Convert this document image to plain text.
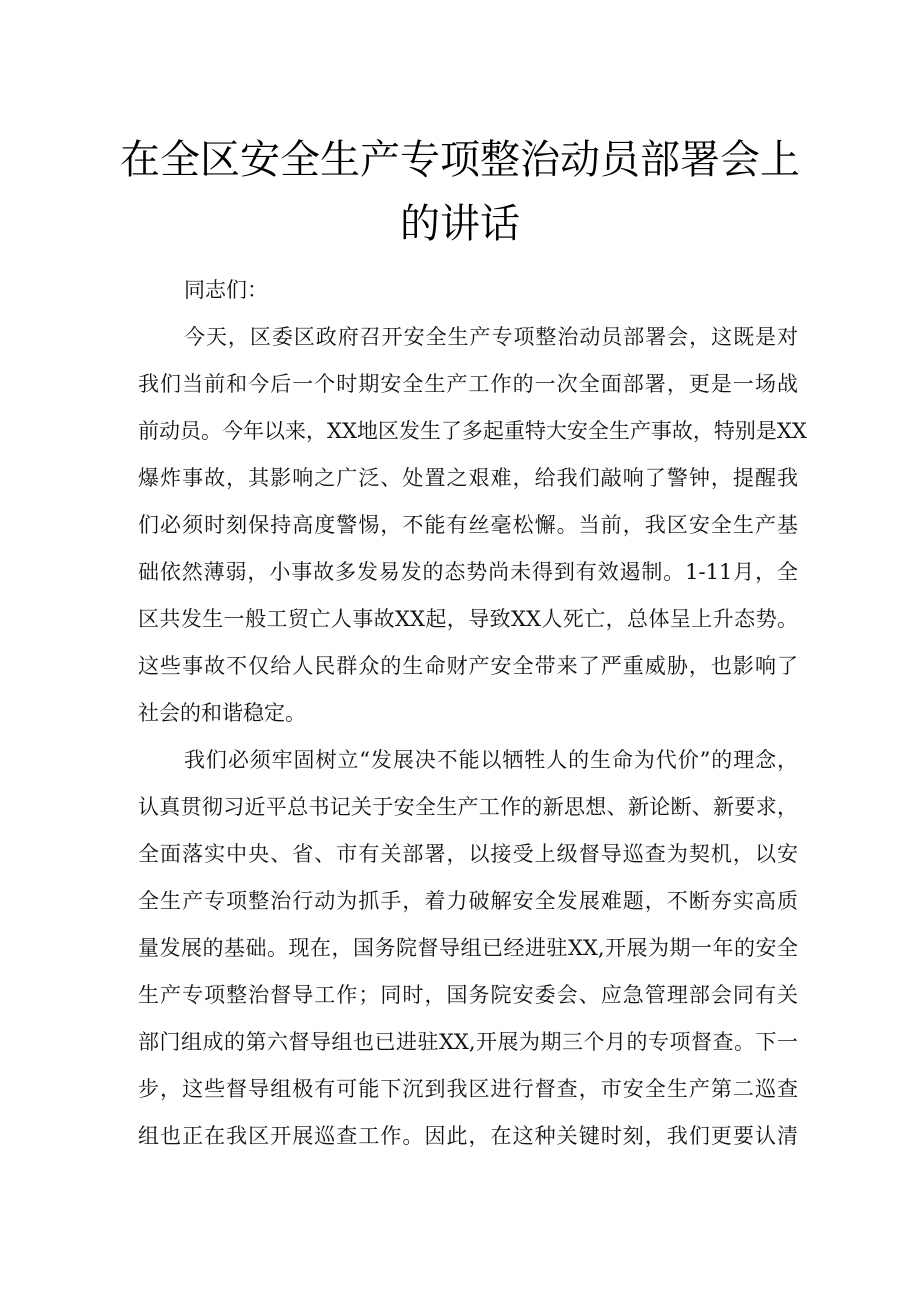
在全区安全生产专项整治动员部署会上
的讲话
同志们：
今天，区委区政府召开安全生产专项整治动员部署会，这既是对
我们当前和今后一个时期安全生产工作的一次全面部署，更是一场战
前动员。今年以来，XX地区发生了多起重特大安全生产事故，特别是XX
爆炸事故，其影响之广泛、处置之艰难，给我们敲响了警钟，提醒我
们必须时刻保持高度警惕，不能有丝毫松懈。当前，我区安全生产基
础依然薄弱，小事故多发易发的态势尚未得到有效遏制。1-11月，全
区共发生一般工贸亡人事故XX起，导致XX人死亡，总体呈上升态势。
这些事故不仅给人民群众的生命财产安全带来了严重威胁，也影响了
社会的和谐稳定。
我们必须牢固树立“发展决不能以牺牲人的生命为代价”的理念，
认真贯彻习近平总书记关于安全生产工作的新思想、新论断、新要求，
全面落实中央、省、市有关部署，以接受上级督导巡查为契机，以安
全生产专项整治行动为抓手，着力破解安全发展难题，不断夯实高质
量发展的基础。现在，国务院督导组已经进驻XX,开展为期一年的安全
生产专项整治督导工作；同时，国务院安委会、应急管理部会同有关
部门组成的第六督导组也已进驻XX,开展为期三个月的专项督查。下一
步，这些督导组极有可能下沉到我区进行督查，市安全生产第二巡查
组也正在我区开展巡查工作。因此，在这种关键时刻，我们更要认清
